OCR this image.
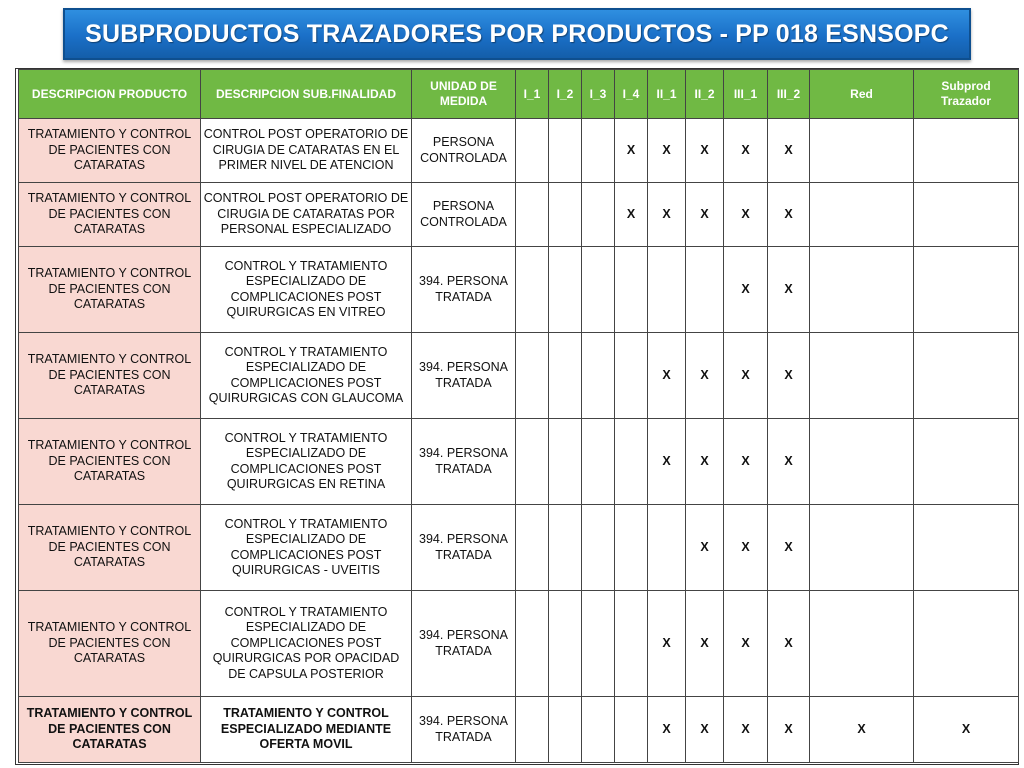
SUBPRODUCTOS TRAZADORES POR PRODUCTOS - PP 018 ESNSOPC
DESCRIPCION PRODUCTO	DESCRIPCION SUB.FINALIDAD	UNIDAD DE MEDIDA	I_1	I_2	I_3	I_4	II_1	II_2	III_1	III_2	Red	Subprod Trazador
TRATAMIENTO Y CONTROL DE PACIENTES CON CATARATAS	CONTROL POST OPERATORIO DE CIRUGIA DE CATARATAS EN EL PRIMER NIVEL DE ATENCION	PERSONA CONTROLADA				X	X	X	X	X		
TRATAMIENTO Y CONTROL DE PACIENTES CON CATARATAS	CONTROL POST OPERATORIO DE CIRUGIA DE CATARATAS POR PERSONAL ESPECIALIZADO	PERSONA CONTROLADA				X	X	X	X	X		
TRATAMIENTO Y CONTROL DE PACIENTES CON CATARATAS	CONTROL Y TRATAMIENTO ESPECIALIZADO DE COMPLICACIONES POST QUIRURGICAS EN VITREO	394. PERSONA TRATADA							X	X		
TRATAMIENTO Y CONTROL DE PACIENTES CON CATARATAS	CONTROL Y TRATAMIENTO ESPECIALIZADO DE COMPLICACIONES POST QUIRURGICAS CON GLAUCOMA	394. PERSONA TRATADA					X	X	X	X		
TRATAMIENTO Y CONTROL DE PACIENTES CON CATARATAS	CONTROL Y TRATAMIENTO ESPECIALIZADO DE COMPLICACIONES POST QUIRURGICAS EN RETINA	394. PERSONA TRATADA					X	X	X	X		
TRATAMIENTO Y CONTROL DE PACIENTES CON CATARATAS	CONTROL Y TRATAMIENTO ESPECIALIZADO DE COMPLICACIONES POST QUIRURGICAS - UVEITIS	394. PERSONA TRATADA						X	X	X		
TRATAMIENTO Y CONTROL DE PACIENTES CON CATARATAS	CONTROL Y TRATAMIENTO ESPECIALIZADO DE COMPLICACIONES POST QUIRURGICAS POR OPACIDAD DE CAPSULA POSTERIOR	394. PERSONA TRATADA					X	X	X	X		
TRATAMIENTO Y CONTROL DE PACIENTES CON CATARATAS	TRATAMIENTO Y CONTROL ESPECIALIZADO MEDIANTE OFERTA MOVIL	394. PERSONA TRATADA					X	X	X	X	X	X
